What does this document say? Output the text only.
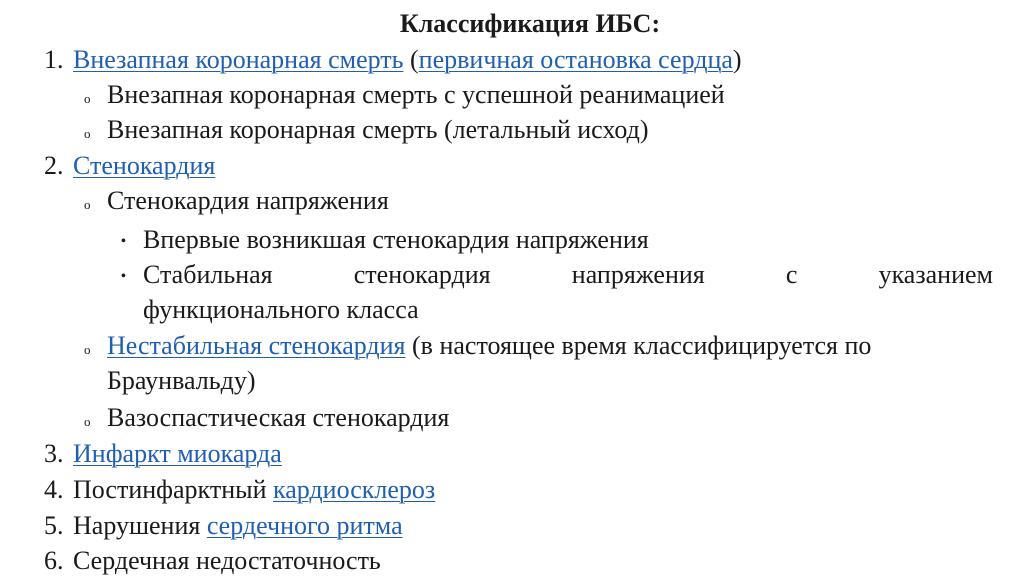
Классификация ИБС:
1. Внезапная коронарная смерть (первичная остановка сердца)
o Внезапная коронарная смерть с успешной реанимацией
o Внезапная коронарная смерть (летальный исход)
2. Стенокардия
o Стенокардия напряжения
• Впервые возникшая стенокардия напряжения
• Стабильная	стенокардия	напряжения	с	указанием
функционального класса
o Нестабильная стенокардия (в настоящее время классифицируется по
Браунвальду)
o Вазоспастическая стенокардия
3. Инфаркт миокарда
4. Постинфарктный кардиосклероз
5. Нарушения сердечного ритма
6. Сердечная недостаточность
